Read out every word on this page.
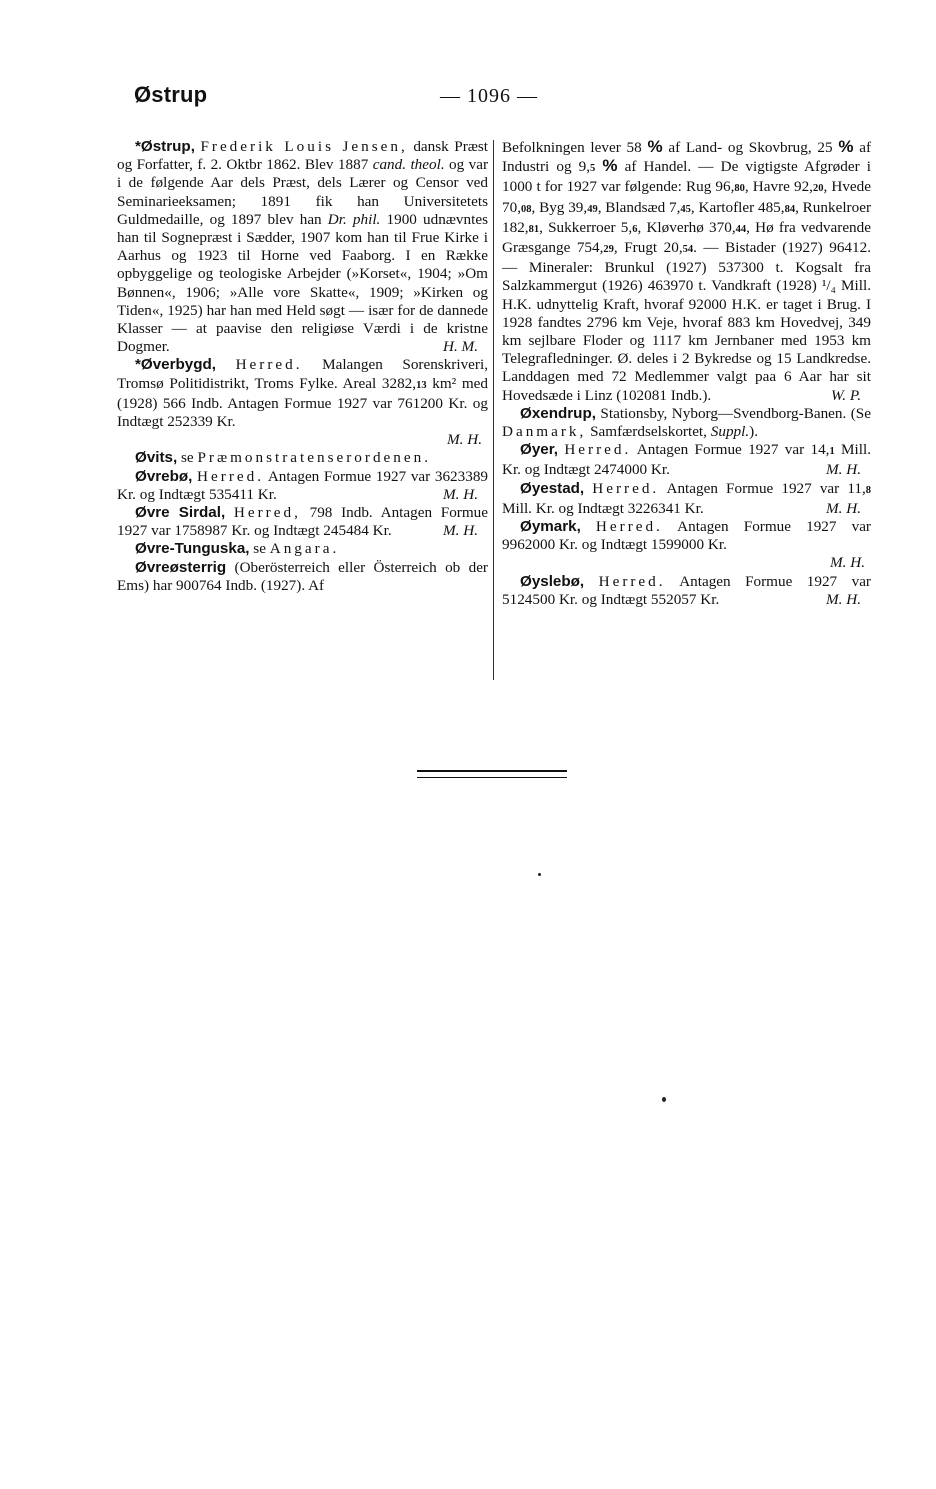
Østrup	— 1096 —

*Østrup, Frederik Louis Jensen, dansk Præst og Forfatter, f. 2. Oktbr 1862. Blev 1887 cand. theol. og var i de følgende Aar dels Præst, dels Lærer og Censor ved Seminarieeksamen; 1891 fik han Universitetets Guldmedaille, og 1897 blev han Dr. phil. 1900 udnævntes han til Sognepræst i Sædder, 1907 kom han til Frue Kirke i Aarhus og 1923 til Horne ved Faaborg. I en Række opbyggelige og teologiske Arbejder (»Korset«, 1904; »Om Bønnen«, 1906; »Alle vore Skatte«, 1909; »Kirken og Tiden«, 1925) har han med Held søgt — især for de dannede Klasser — at paavise den religiøse Værdi i de kristne Dogmer.	H. M.

*Øverbygd, Herred. Malangen Sorenskriveri, Tromsø Politidistrikt, Troms Fylke. Areal 3282,13 km² med (1928) 566 Indb. Antagen Formue 1927 var 761200 Kr. og Indtægt 252339 Kr.
M. H.

Øvits, se Præmonstratenserordenen.

Øvrebø, Herred. Antagen Formue 1927 var 3623389 Kr. og Indtægt 535411 Kr.	M. H.

Øvre Sirdal, Herred, 798 Indb. Antagen Formue 1927 var 1758987 Kr. og Indtægt 245484 Kr.	M. H.

Øvre-Tunguska, se Angara.

Øvreøsterrig (Oberösterreich eller Österreich ob der Ems) har 900764 Indb. (1927). Af

Befolkningen lever 58 % af Land- og Skovbrug, 25 % af Industri og 9,5 % af Handel. — De vigtigste Afgrøder i 1000 t for 1927 var følgende: Rug 96,80, Havre 92,20, Hvede 70,08, Byg 39,49, Blandsæd 7,45, Kartofler 485,84, Runkelroer 182,81, Sukkerroer 5,6, Kløverhø 370,44, Hø fra vedvarende Græsgange 754,29, Frugt 20,54. — Bistader (1927) 96412. — Mineraler: Brunkul (1927) 537300 t. Kogsalt fra Salzkammergut (1926) 463970 t. Vandkraft (1928) ¹/₄ Mill. H.K. udnyttelig Kraft, hvoraf 92000 H.K. er taget i Brug. I 1928 fandtes 2796 km Veje, hvoraf 883 km Hovedvej, 349 km sejlbare Floder og 1117 km Jernbaner med 1953 km Telegrafledninger. Ø. deles i 2 Bykredse og 15 Landkredse. Landdagen med 72 Medlemmer valgt paa 6 Aar har sit Hovedsæde i Linz (102081 Indb.).	W. P.

Øxendrup, Stationsby, Nyborg—Svendborg-Banen. (Se Danmark, Samfærdselskortet, Suppl.).

Øyer, Herred. Antagen Formue 1927 var 14,1 Mill. Kr. og Indtægt 2474000 Kr.	M. H.

Øyestad, Herred. Antagen Formue 1927 var 11,8 Mill. Kr. og Indtægt 3226341 Kr.	M. H.

Øymark, Herred. Antagen Formue 1927 var 9962000 Kr. og Indtægt 1599000 Kr.
M. H.

Øyslebø, Herred. Antagen Formue 1927 var 5124500 Kr. og Indtægt 552057 Kr.	M. H.
